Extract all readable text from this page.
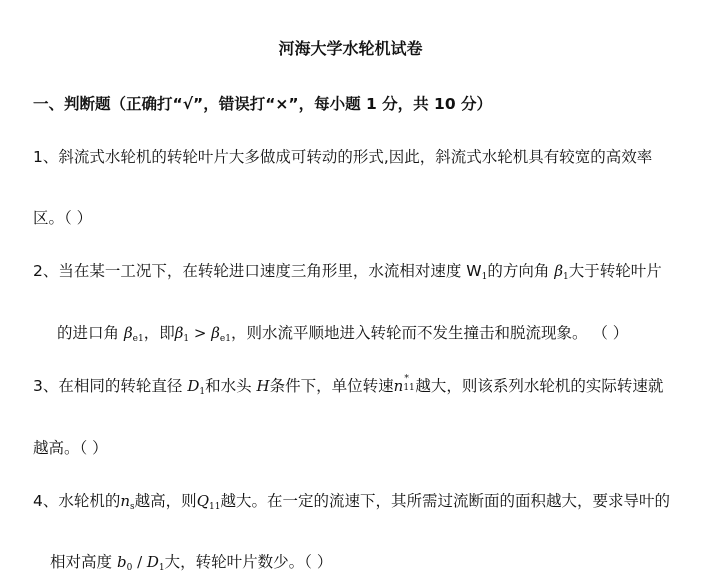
河海大学水轮机试卷
一、判断题（正确打“√”，错误打“×”，每小题 1 分，共 10 分）
1、斜流式水轮机的转轮叶片大多做成可转动的形式,因此，斜流式水轮机具有较宽的高效率
区。（ ）
2、当在某一工况下，在转轮进口速度三角形里，水流相对速度 $W_1$的方向角 $\beta_1$大于转轮叶片
的进口角 $\beta_{e1}$，即$\beta_1 > \beta_{e1}$，则水流平顺地进入转轮而不发生撞击和脱流现象。 （ ）
3、在相同的转轮直径 $D_1$和水头 H条件下，单位转速n *
11 越大，则该系列水轮机的实际转速就
越高。（ ）
4、水轮机的$n_s$越高，则$Q_{11}$越大。在一定的流速下，其所需过流断面的面积越大，要求导叶的
相对高度 $b_0 / D_1$大，转轮叶片数少。（ ）
